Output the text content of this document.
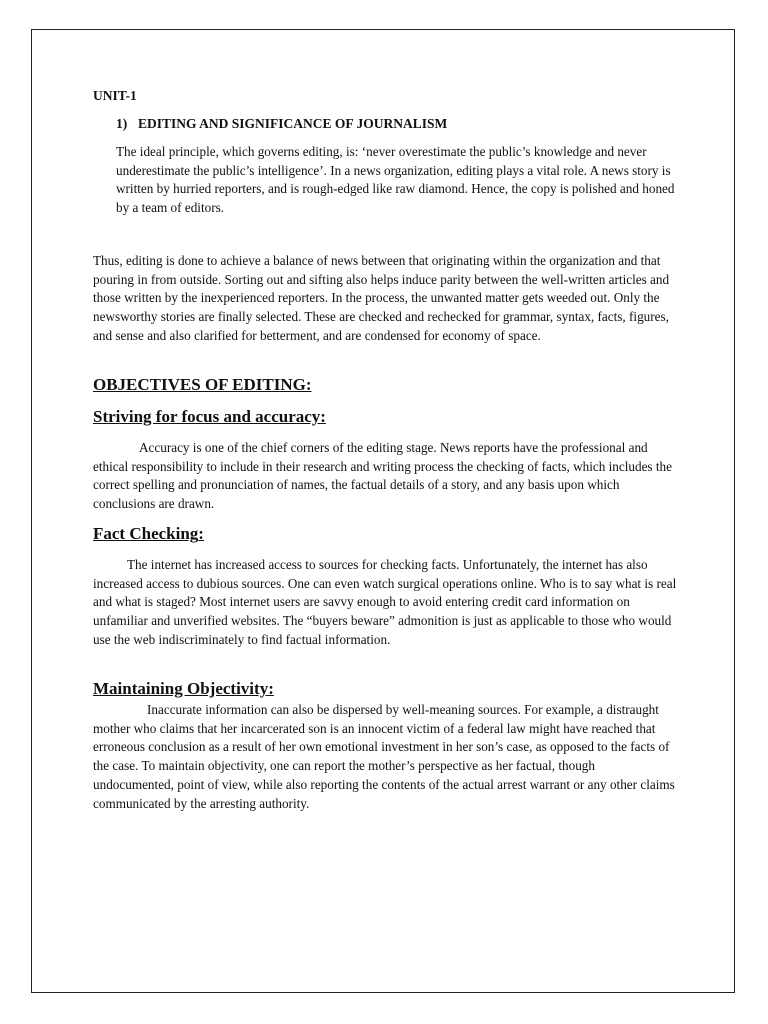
UNIT-1
1) EDITING AND SIGNIFICANCE OF JOURNALISM

The ideal principle, which governs editing, is: ‘never overestimate the public’s knowledge and never underestimate the public’s intelligence’. In a news organization, editing plays a vital role. A news story is written by hurried reporters, and is rough-edged like raw diamond. Hence, the copy is polished and honed by a team of editors.

Thus, editing is done to achieve a balance of news between that originating within the organization and that pouring in from outside. Sorting out and sifting also helps induce parity between the well-written articles and those written by the inexperienced reporters. In the process, the unwanted matter gets weeded out. Only the newsworthy stories are finally selected. These are checked and rechecked for grammar, syntax, facts, figures, and sense and also clarified for betterment, and are condensed for economy of space.

OBJECTIVES OF EDITING:
Striving for focus and accuracy:

Accuracy is one of the chief corners of the editing stage. News reports have the professional and ethical responsibility to include in their research and writing process the checking of facts, which includes the correct spelling and pronunciation of names, the factual details of a story, and any basis upon which conclusions are drawn.

Fact Checking:

The internet has increased access to sources for checking facts. Unfortunately, the internet has also increased access to dubious sources. One can even watch surgical operations online. Who is to say what is real and what is staged? Most internet users are savvy enough to avoid entering credit card information on unfamiliar and unverified websites. The “buyers beware” admonition is just as applicable to those who would use the web indiscriminately to find factual information.

Maintaining Objectivity:

Inaccurate information can also be dispersed by well-meaning sources. For example, a distraught mother who claims that her incarcerated son is an innocent victim of a federal law might have reached that erroneous conclusion as a result of her own emotional investment in her son’s case, as opposed to the facts of the case. To maintain objectivity, one can report the mother’s perspective as her factual, though undocumented, point of view, while also reporting the contents of the actual arrest warrant or any other claims communicated by the arresting authority.
